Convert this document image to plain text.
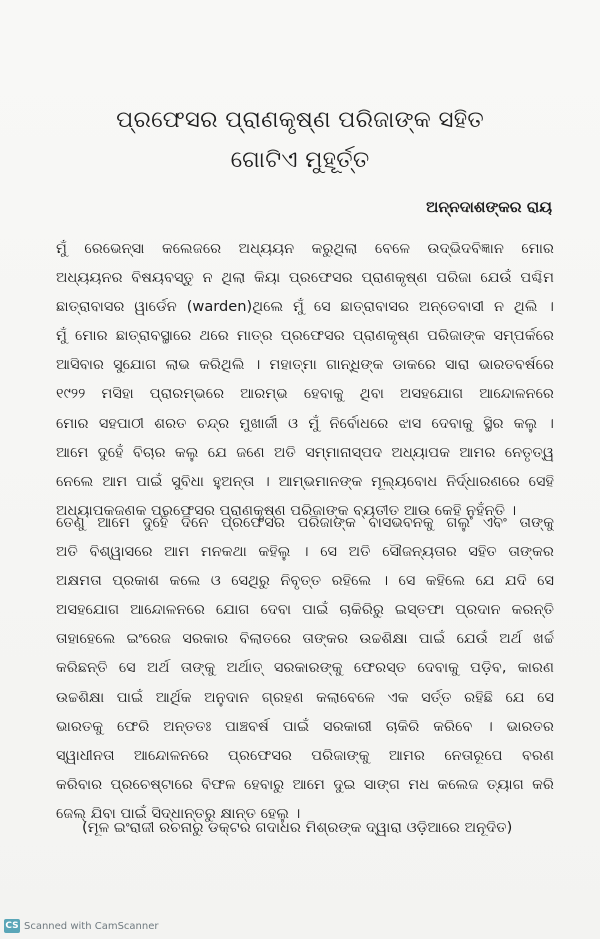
ପ୍ରଫେସର ପ୍ରାଣକୃଷ୍ଣ ପରିଜାଙ୍କ ସହିତ
ଗୋଟିଏ ମୁହୂର୍ତ୍ତ
ଅନ୍ନଦାଶଙ୍କର ରାୟ
ମୁଁ ରେଭେନ୍ସା କଲେଜରେ ଅଧ୍ୟୟନ କରୁଥିଲା ବେଳେ ଉଦ୍ଭିଦବିଜ୍ଞାନ ମୋର
ଅଧ୍ୟୟନର ବିଷୟବସ୍ତୁ ନ ଥିଲା କିୟା ପ୍ରଫେସର ପ୍ରାଣକୃଷ୍ଣ ପରିଜା ଯେଉଁ ପଶ୍ଚିମ
ଛାତ୍ରାବାସର ୱାର୍ଡେନ (warden)ଥିଲେ ମୁଁ ସେ ଛାତ୍ରାବାସର ଅନ୍ତେବାସୀ ନ ଥିଲି ।
ମୁଁ ମୋର ଛାତ୍ରାବସ୍ଥାରେ ଥରେ ମାତ୍ର ପ୍ରଫେସର ପ୍ରାଣକୃଷ୍ଣ ପରିଜାଙ୍କ ସମ୍ପର୍କରେ
ଆସିବାର ସୁଯୋଗ ଲାଭ କରିଥିଲି । ମହାତ୍ମା ଗାନ୍ଧିଙ୍କ ଡାକରେ ସାରା ଭାରତବର୍ଷରେ
୧୯୨୨ ମସିହା ପ୍ରାରମ୍ଭରେ ଆରମ୍ଭ ହେବାକୁ ଥିବା ଅସହଯୋଗ ଆନ୍ଦୋଳନରେ
ମୋର ସହପାଠୀ ଶରତ ଚନ୍ଦ୍ର ମୁଖାର୍ଜୀ ଓ ମୁଁ ନିର୍ବୋଧରେ ଝାସ ଦେବାକୁ ସ୍ଥିର କଲୁ ।
ଆମେ ଦୁହେଁ ବିଚାର କଲୁ ଯେ ଜଣେ ଅତି ସମ୍ମାନାସ୍ପଦ ଅଧ୍ୟାପକ ଆମର ନେତୃତ୍ୱ
ନେଲେ ଆମ ପାଇଁ ସୁବିଧା ହୁଅନ୍ତା । ଆମ୍ଭମାନଙ୍କ ମୂଲ୍ୟବୋଧ ନିର୍ଦ୍ଧାରଣରେ ସେହି
ଅଧ୍ୟାପକଜଣକ ପ୍ରଫେସର ପ୍ରାଣକୃଷ୍ଣ ପରିଜାଙ୍କ ବ୍ୟତୀତ ଆଉ କେହି ନୁହଁନ୍ତି ।
ତେଣୁ ଆମେ ଦୁହେଁ ଦିନେ ପ୍ରଫେସର ପରିଜାଙ୍କ ବାସଭବନକୁ ଗଲୁ ଏବଂ ତାଙ୍କୁ
ଅତି ବିଶ୍ୱାସରେ ଆମ ମନକଥା କହିଲୁ । ସେ ଅତି ସୌଜନ୍ୟତାର ସହିତ ତାଙ୍କର
ଅକ୍ଷମତା ପ୍ରକାଶ କଲେ ଓ ସେଥିରୁ ନିବୃତ୍ତ ରହିଲେ । ସେ କହିଲେ ଯେ ଯଦି ସେ
ଅସହଯୋଗ ଆନ୍ଦୋଳନରେ ଯୋଗ ଦେବା ପାଇଁ ଚାକିରିରୁ ଇସ୍ତଫା ପ୍ରଦାନ କରନ୍ତି
ତାହାହେଲେ ଇଂରେଜ ସରକାର ବିଲାତରେ ତାଙ୍କର ଉଚ୍ଚଶିକ୍ଷା ପାଇଁ ଯେଉଁ ଅର୍ଥ ଖର୍ଚ୍ଚ
କରିଛନ୍ତି ସେ ଅର୍ଥ ତାଙ୍କୁ ଅର୍ଥାତ୍ ସରକାରଙ୍କୁ ଫେରସ୍ତ ଦେବାକୁ ପଡ଼ିବ, କାରଣ
ଉଚ୍ଚଶିକ୍ଷା ପାଇଁ ଆର୍ଥିକ ଅନୁଦାନ ଗ୍ରହଣ କଲାବେଳେ ଏକ ସର୍ତ୍ତ ରହିଛି ଯେ ସେ
ଭାରତକୁ ଫେରି ଅନ୍ତତଃ ପାଞ୍ଚବର୍ଷ ପାଇଁ ସରକାରୀ ଚାକିରି କରିବେ । ଭାରତର
ସ୍ୱାଧୀନତା ଆନ୍ଦୋଳନରେ ପ୍ରଫେସର ପରିଜାଙ୍କୁ ଆମର ନେତାରୂପେ ବରଣ
କରିବାର ପ୍ରଚେଷ୍ଟାରେ ବିଫଳ ହେବାରୁ ଆମେ ଦୁଇ ସାଙ୍ଗ ମଧ କଲେଜ ତ୍ୟାଗ କରି
ଜେଲ୍ ଯିବା ପାଇଁ ସିଦ୍ଧାନ୍ତରୁ କ୍ଷାନ୍ତ ହେଲୁ ।
(ମୂଳ ଇଂରାଜୀ ରଚନାରୁ ଡକ୍ଟର ଗଦାଧର ମିଶ୍ରଙ୍କ ଦ୍ୱାରା ଓଡ଼ିଆରେ ଅନୂଦିତ)
CS Scanned with CamScanner
